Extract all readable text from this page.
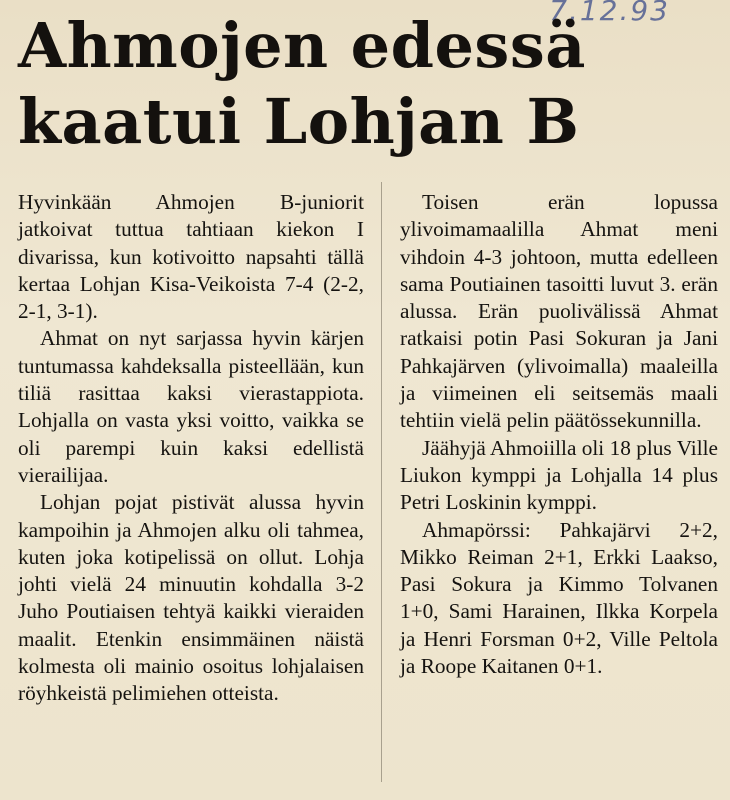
7.12.93
Ahmojen edessä
kaatui Lohjan B

Hyvinkään Ahmojen B-juniorit jatkoivat tuttua tahtiaan kiekon I divarissa, kun kotivoitto napsahti tällä kertaa Lohjan Kisa-Veikoista 7-4 (2-2, 2-1, 3-1).

Ahmat on nyt sarjassa hyvin kärjen tuntumassa kahdeksalla pisteellään, kun tiliä rasittaa kaksi vierastappiota. Lohjalla on vasta yksi voitto, vaikka se oli parempi kuin kaksi edellistä vierailijaa.

Lohjan pojat pistivät alussa hyvin kampoihin ja Ahmojen alku oli tahmea, kuten joka kotipelissä on ollut. Lohja johti vielä 24 minuutin kohdalla 3-2 Juho Poutiaisen tehtyä kaikki vieraiden maalit. Etenkin ensimmäinen näistä kolmesta oli mainio osoitus lohjalaisen röyhkeistä pelimiehen otteista.

Toisen erän lopussa ylivoimamaalilla Ahmat meni vihdoin 4-3 johtoon, mutta edelleen sama Poutiainen tasoitti luvut 3. erän alussa. Erän puolivälissä Ahmat ratkaisi potin Pasi Sokuran ja Jani Pahkajärven (ylivoimalla) maaleilla ja viimeinen eli seitsemäs maali tehtiin vielä pelin päätössekunnilla.

Jäähyjä Ahmoiilla oli 18 plus Ville Liukon kymppi ja Lohjalla 14 plus Petri Loskinin kymppi.

Ahmapörssi: Pahkajärvi 2+2, Mikko Reiman 2+1, Erkki Laakso, Pasi Sokura ja Kimmo Tolvanen 1+0, Sami Harainen, Ilkka Korpela ja Henri Forsman 0+2, Ville Peltola ja Roope Kaitanen 0+1.
